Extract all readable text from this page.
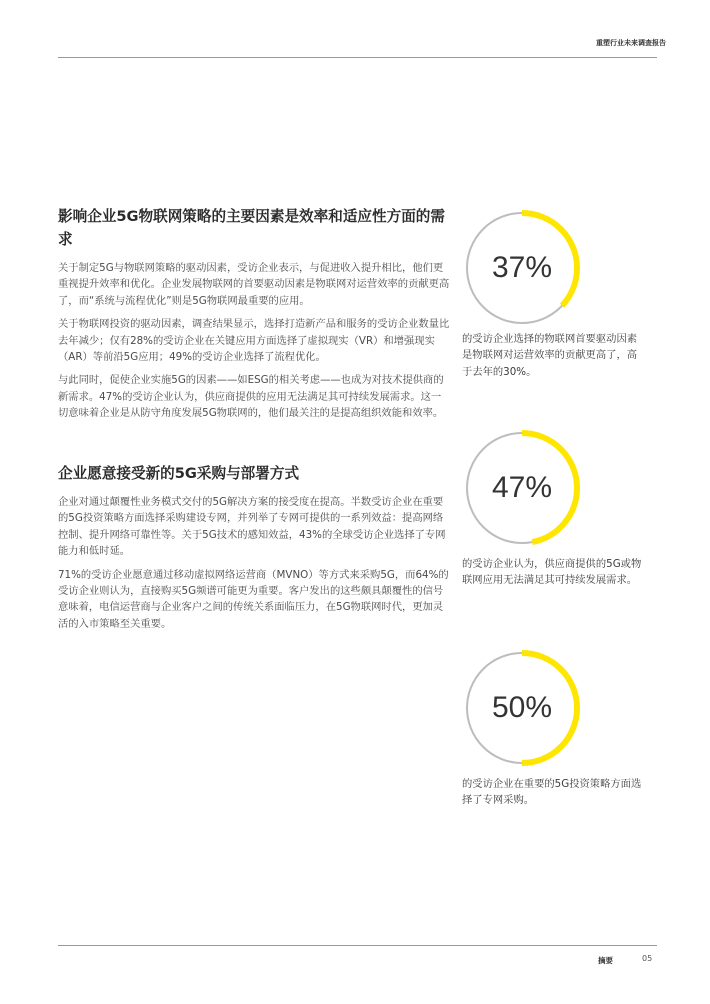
重塑行业未来调查报告
影响企业5G物联网策略的主要因素是效率和适应性方面的需求

关于制定5G与物联网策略的驱动因素，受访企业表示，与促进收入提升相比，他们更重视提升效率和优化。企业发展物联网的首要驱动因素是物联网对运营效率的贡献更高了，而“系统与流程优化”则是5G物联网最重要的应用。

关于物联网投资的驱动因素，调查结果显示，选择打造新产品和服务的受访企业数量比去年减少；仅有28%的受访企业在关键应用方面选择了虚拟现实（VR）和增强现实（AR）等前沿5G应用；49%的受访企业选择了流程优化。

与此同时，促使企业实施5G的因素——如ESG的相关考虑——也成为对技术提供商的新需求。47%的受访企业认为，供应商提供的应用无法满足其可持续发展需求。这一切意味着企业是从防守角度发展5G物联网的，他们最关注的是提高组织效能和效率。

企业愿意接受新的5G采购与部署方式

企业对通过颠覆性业务模式交付的5G解决方案的接受度在提高。半数受访企业在重要的5G投资策略方面选择采购建设专网，并列举了专网可提供的一系列效益：提高网络控制、提升网络可靠性等。关于5G技术的感知效益，43%的全球受访企业选择了专网能力和低时延。

71%的受访企业愿意通过移动虚拟网络运营商（MVNO）等方式来采购5G，而64%的受访企业则认为，直接购买5G频谱可能更为重要。客户发出的这些颇具颠覆性的信号意味着，电信运营商与企业客户之间的传统关系面临压力，在5G物联网时代，更加灵活的入市策略至关重要。

37%
的受访企业选择的物联网首要驱动因素是物联网对运营效率的贡献更高了，高于去年的30%。
47%
的受访企业认为，供应商提供的5G或物联网应用无法满足其可持续发展需求。
50%
的受访企业在重要的5G投资策略方面选择了专网采购。
摘要	05
